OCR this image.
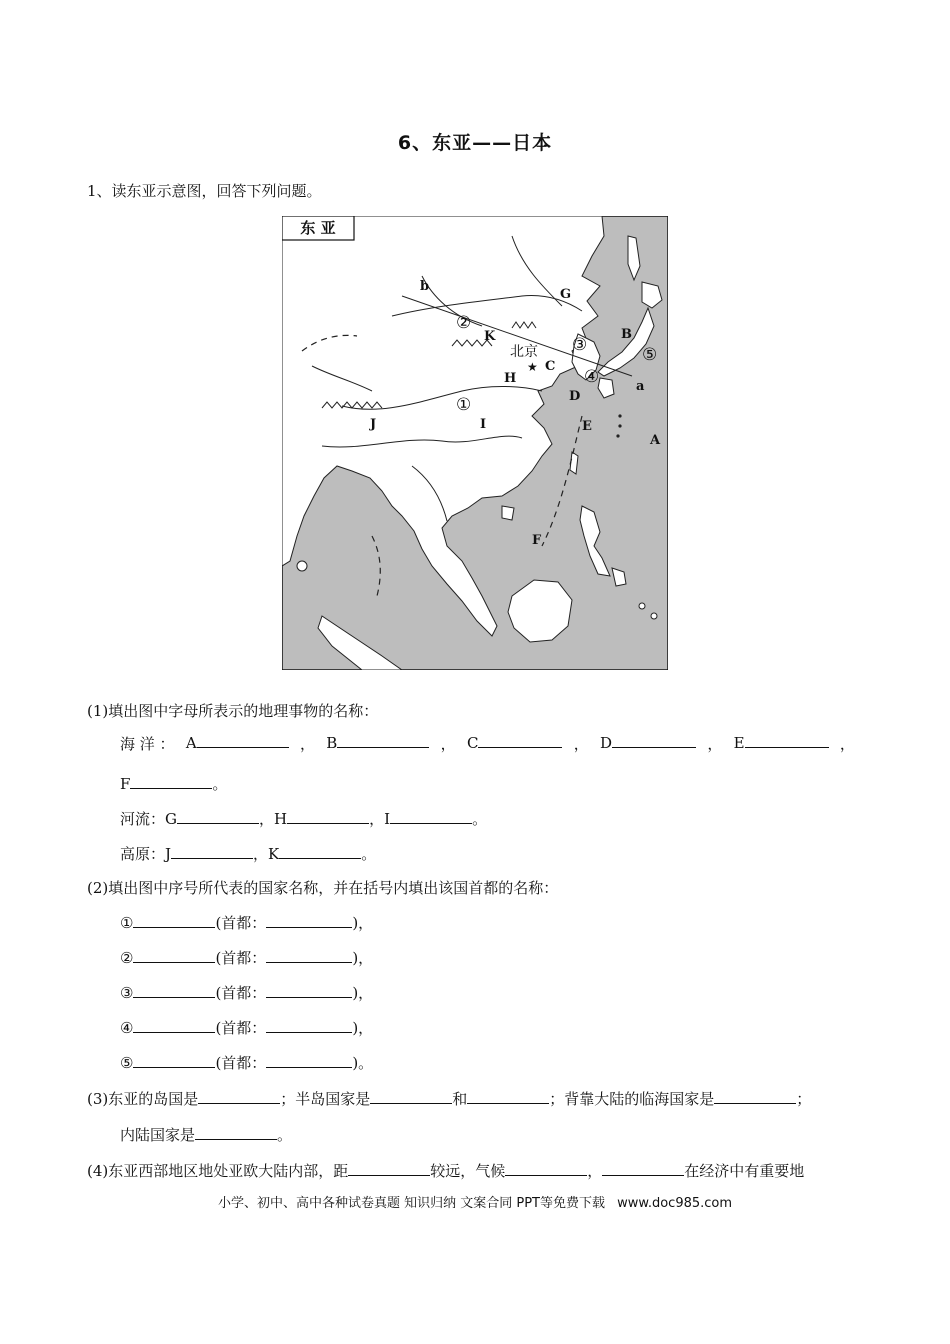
6、东亚——日本
1、读东亚示意图，回答下列问题。
东 亚
★
北京
A
B
C
D
E
F
G
H
I
J
K
a
b
①
②
③
④
⑤
(1)填出图中字母所表示的地理事物的名称：
海 洋 ： A	， B	， C	， D	， E	，
F	。
河流：G	，H	，I	。
高原：J	，K	。
(2)填出图中序号所代表的国家名称，并在括号内填出该国首都的名称：
①	(首都：	)，
②	(首都：	)，
③	(首都：	)，
④	(首都：	)，
⑤	(首都：	)。
(3)东亚的岛国是	；半岛国家是	和	；背靠大陆的临海国家是	；
内陆国家是	。
(4)东亚西部地区地处亚欧大陆内部，距	较远，气候	，	在经济中有重要地
小学、初中、高中各种试卷真题 知识归纳 文案合同 PPT等免费下载 www.doc985.com
